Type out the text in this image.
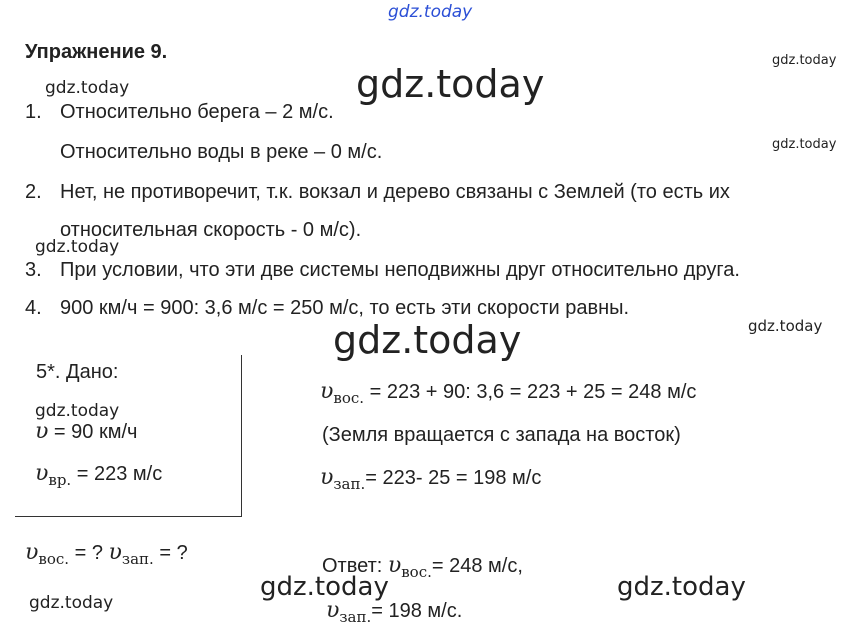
gdz.today
gdz.today
gdz.today
gdz.today	gdz.today
gdz.today
gdz.today
gdz.today
gdz.today
gdz.today
gdz.today
gdz.today
Упражнение 9.
1. Относительно берега – 2 м/с.
Относительно воды в реке – 0 м/с.
2. Нет, не противоречит, т.к. вокзал и дерево связаны с Землей (то есть их
относительная скорость - 0 м/с).
3. При условии, что эти две системы неподвижны друг относительно друга.
4. 900 км/ч = 900: 3,6 м/с = 250 м/с, то есть эти скорости равны.
5*. Дано:
υ = 90 км/ч
$\upsilon_{вр.} = 223$ м/с
$\upsilon_{вос.}$ = ? $\upsilon_{зап.}$ = ?
$\upsilon_{вос.} = 223 + 90$: 3,6 = 223 + 25 = 248 м/с
(Земля вращается с запада на восток)
$\upsilon_{зап.}= 223-$ 25 = 198 м/с
Ответ: $\upsilon_{вос.}= 248$ м/с,
$\upsilon_{зап.}= 198$ м/с.
